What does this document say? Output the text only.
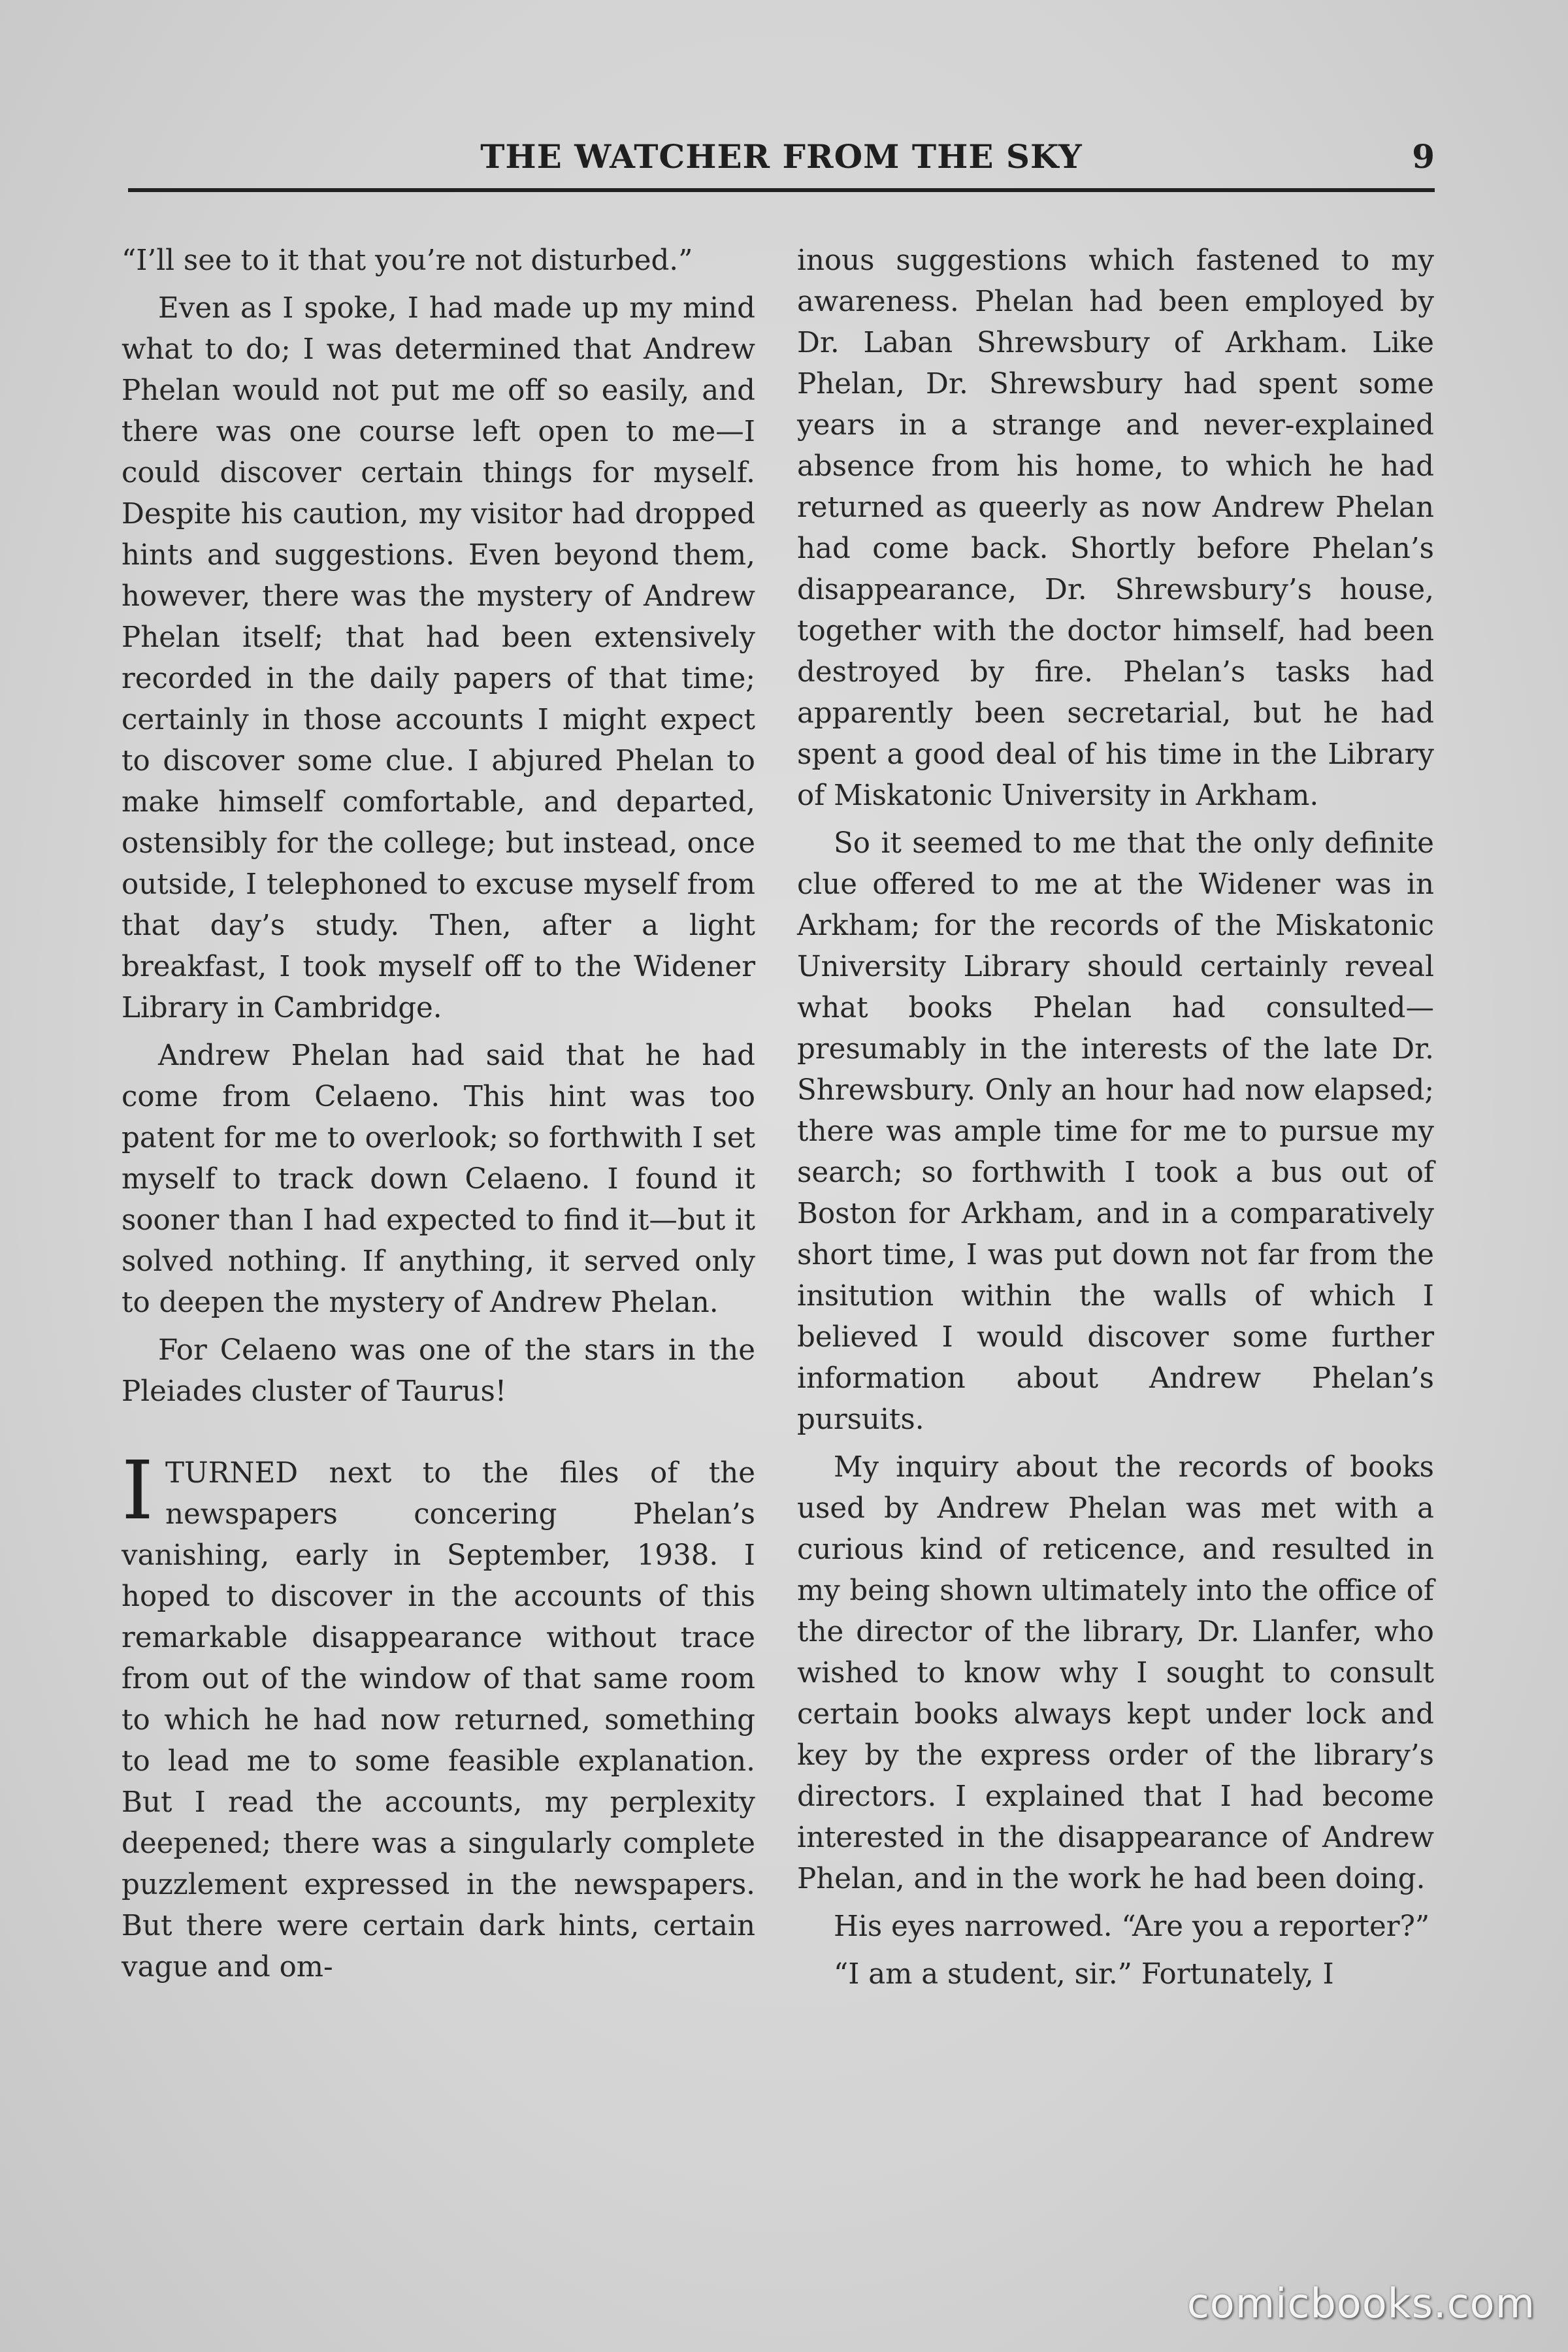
THE WATCHER FROM THE SKY	9

“I’ll see to it that you’re not disturbed.”

Even as I spoke, I had made up my mind what to do; I was determined that Andrew Phelan would not put me off so easily, and there was one course left open to me—I could discover certain things for myself. Despite his caution, my visitor had dropped hints and suggestions. Even beyond them, however, there was the mystery of Andrew Phelan itself; that had been extensively recorded in the daily papers of that time; certainly in those accounts I might expect to discover some clue. I abjured Phelan to make himself comfortable, and departed, ostensibly for the college; but instead, once outside, I telephoned to excuse myself from that day’s study. Then, after a light breakfast, I took myself off to the Widener Library in Cambridge.

Andrew Phelan had said that he had come from Celaeno. This hint was too patent for me to overlook; so forthwith I set myself to track down Celaeno. I found it sooner than I had expected to find it—but it solved nothing. If anything, it served only to deepen the mystery of Andrew Phelan.

For Celaeno was one of the stars in the Pleiades cluster of Taurus!

ITURNED next to the files of the newspapers concering Phelan’s vanishing, early in September, 1938. I hoped to discover in the accounts of this remarkable disappearance without trace from out of the window of that same room to which he had now returned, something to lead me to some feasible explanation. But I read the accounts, my perplexity deepened; there was a singularly complete puzzlement expressed in the newspapers. But there were certain dark hints, certain vague and om-

inous suggestions which fastened to my awareness. Phelan had been employed by Dr. Laban Shrewsbury of Arkham. Like Phelan, Dr. Shrewsbury had spent some years in a strange and never-explained absence from his home, to which he had returned as queerly as now Andrew Phelan had come back. Shortly before Phelan’s disappearance, Dr. Shrewsbury’s house, together with the doctor himself, had been destroyed by fire. Phelan’s tasks had apparently been secretarial, but he had spent a good deal of his time in the Library of Miskatonic University in Arkham.

So it seemed to me that the only definite clue offered to me at the Widener was in Arkham; for the records of the Miskatonic University Library should certainly reveal what books Phelan had consulted—presumably in the interests of the late Dr. Shrewsbury. Only an hour had now elapsed; there was ample time for me to pursue my search; so forthwith I took a bus out of Boston for Arkham, and in a comparatively short time, I was put down not far from the insitution within the walls of which I believed I would discover some further information about Andrew Phelan’s pursuits.

My inquiry about the records of books used by Andrew Phelan was met with a curious kind of reticence, and resulted in my being shown ultimately into the office of the director of the library, Dr. Llanfer, who wished to know why I sought to consult certain books always kept under lock and key by the express order of the library’s directors. I explained that I had become interested in the disappearance of Andrew Phelan, and in the work he had been doing.

His eyes narrowed. “Are you a reporter?”

“I am a student, sir.” Fortunately, I

comicbooks.com
